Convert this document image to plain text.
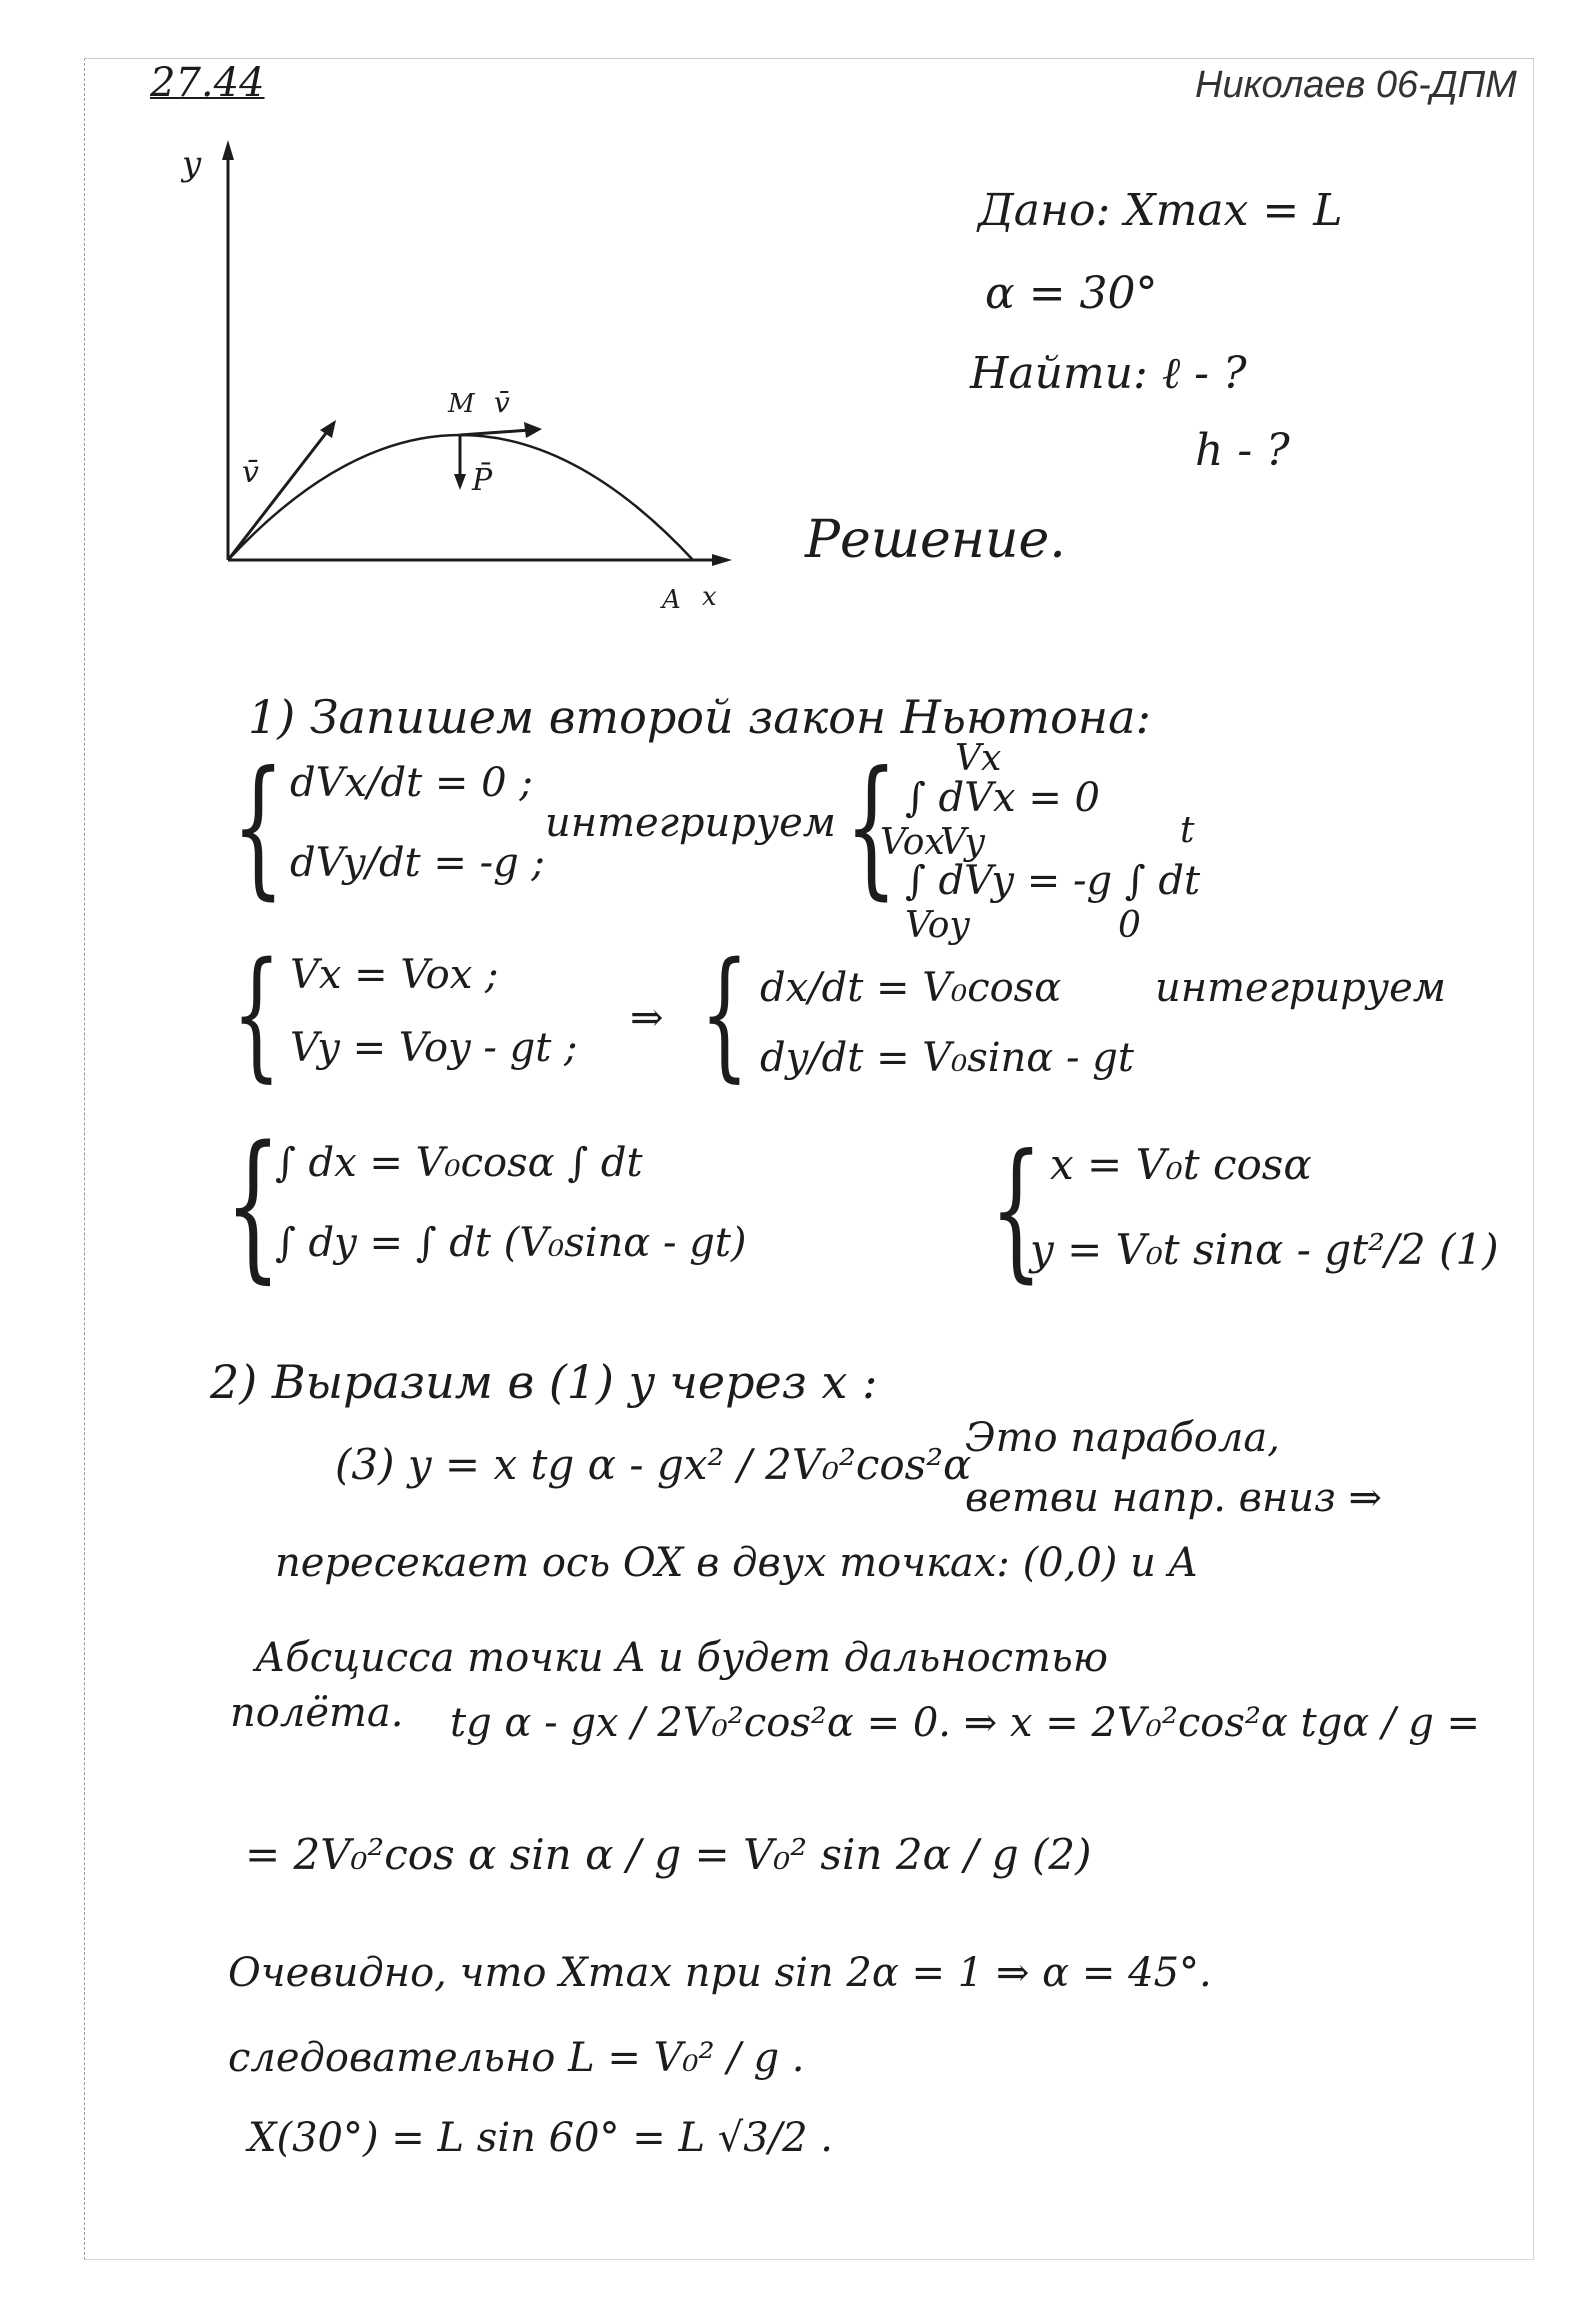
27.44	Николаев 06-ДПМ
y
x
A
M
v̄
v̄
P̄
Дано: Xmax = L
α = 30°
Найти: ℓ - ?
h - ?
Решение.
1) Запишем второй закон Ньютона:
{ dVx/dt = 0 ;
dVy/dt = -g ;
интегрируем { Vx
∫ dVx = 0
Vox
Vy	t
∫ dVy = -g ∫ dt
Voy	0
{ Vx = Vox ;
Vy = Voy - gt ;
⇒ { dx/dt = V₀cosα
dy/dt = V₀sinα - gt
интегрируем
{
∫ dx = V₀cosα ∫ dt
∫ dy = ∫ dt (V₀sinα - gt) { x = V₀t cosα
y = V₀t sinα - gt²/2 (1)
2) Выразим в (1) y через x :
(3) y = x tg α - gx² / 2V₀²cos²α
Это парабола,
ветви напр. вниз ⇒
пересекает ось OX в двух точках: (0,0) и A
Абсцисса точки A и будет дальностью
полёта. tg α - gx / 2V₀²cos²α = 0. ⇒ x = 2V₀²cos²α tgα / g =
= 2V₀²cos α sin α / g = V₀² sin 2α / g (2)
Очевидно, что Xmax при sin 2α = 1 ⇒ α = 45°.
следовательно L = V₀² / g .
X(30°) = L sin 60° = L √3/2 .
